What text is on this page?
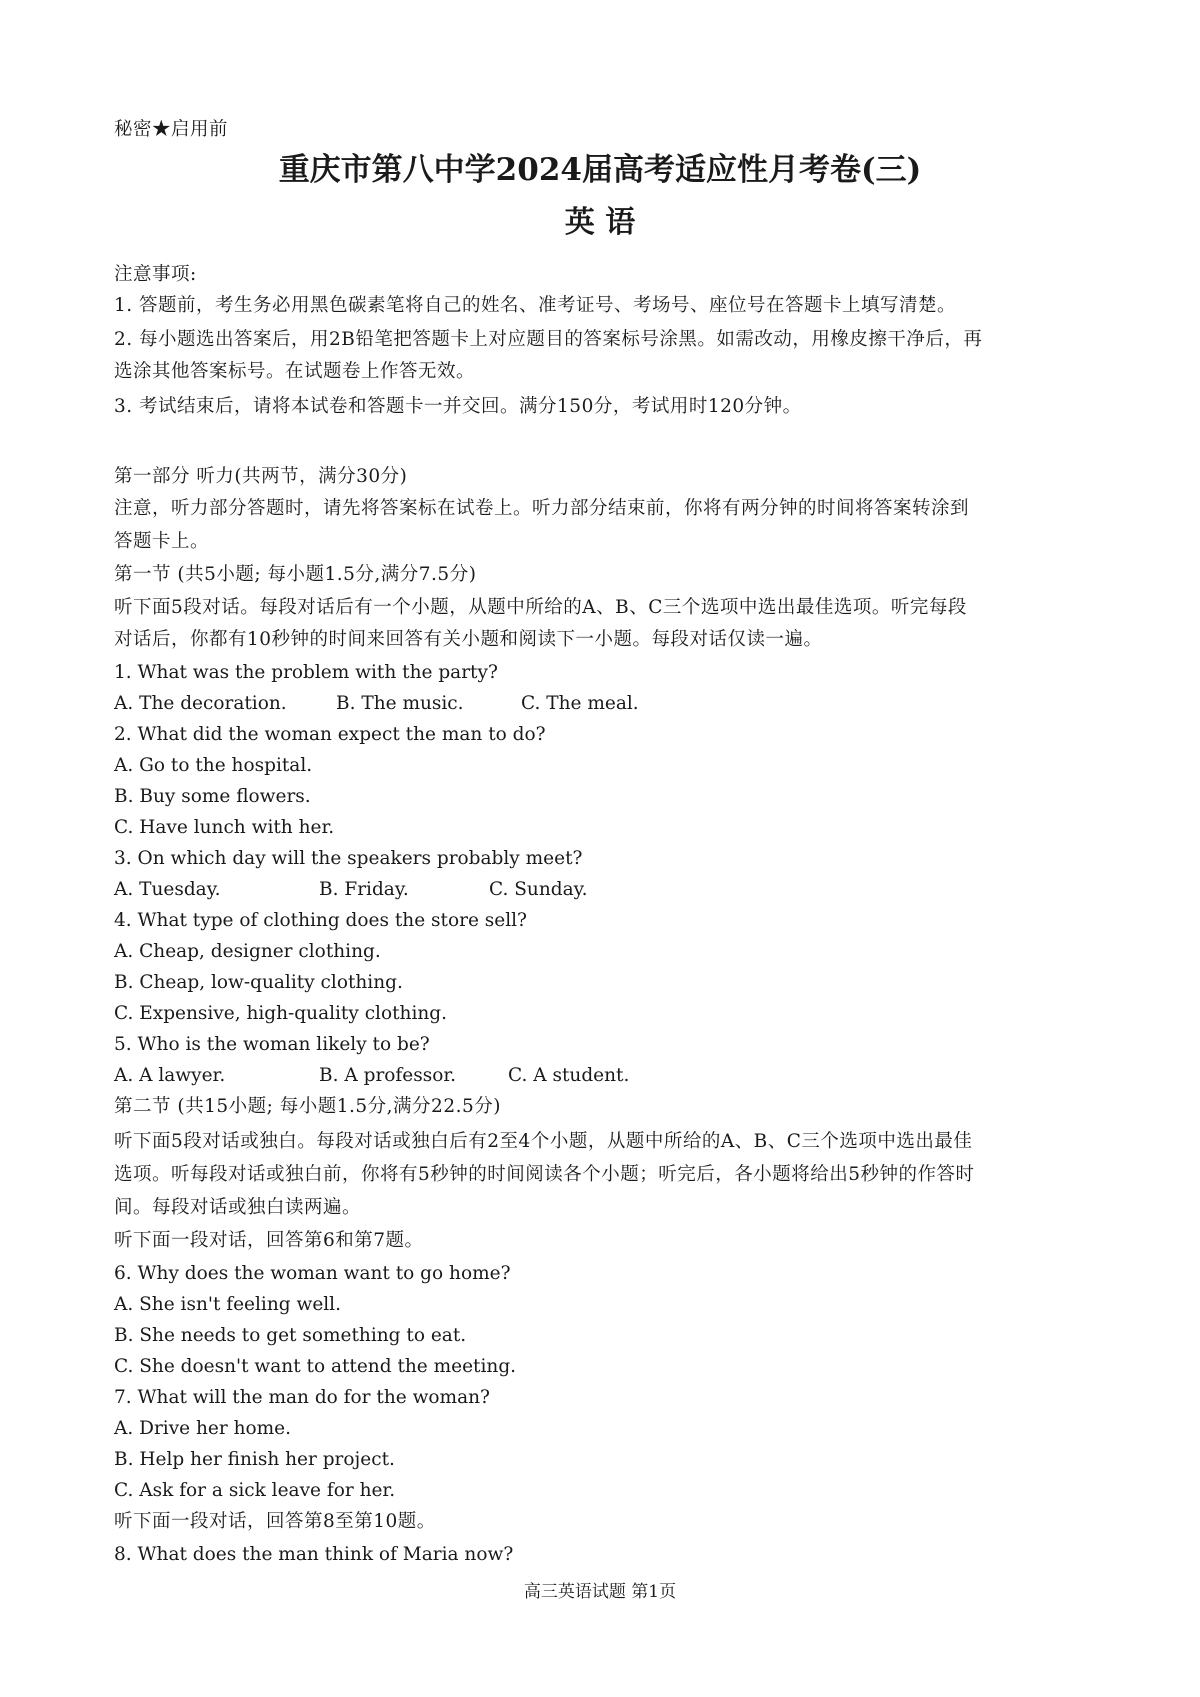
秘密★启用前
重庆市第八中学2024届高考适应性月考卷(三)
英 语
注意事项:
1. 答题前，考生务必用黑色碳素笔将自己的姓名、准考证号、考场号、座位号在答题卡上填写清楚。
2. 每小题选出答案后，用2B铅笔把答题卡上对应题目的答案标号涂黑。如需改动，用橡皮擦干净后，再
选涂其他答案标号。在试题卷上作答无效。
3. 考试结束后，请将本试卷和答题卡一并交回。满分150分，考试用时120分钟。
第一部分 听力(共两节，满分30分)
注意，听力部分答题时，请先将答案标在试卷上。听力部分结束前，你将有两分钟的时间将答案转涂到
答题卡上。
第一节 (共5小题; 每小题1.5分,满分7.5分)
听下面5段对话。每段对话后有一个小题，从题中所给的A、B、C三个选项中选出最佳选项。听完每段
对话后，你都有10秒钟的时间来回答有关小题和阅读下一小题。每段对话仅读一遍。
1. What was the problem with the party?
A. The decoration.	B. The music.	C. The meal.
2. What did the woman expect the man to do?
A. Go to the hospital.
B. Buy some flowers.
C. Have lunch with her.
3. On which day will the speakers probably meet?
A. Tuesday.	B. Friday.	C. Sunday.
4. What type of clothing does the store sell?
A. Cheap, designer clothing.
B. Cheap, low-quality clothing.
C. Expensive, high-quality clothing.
5. Who is the woman likely to be?
A. A lawyer.	B. A professor.	C. A student.
第二节 (共15小题; 每小题1.5分,满分22.5分)
听下面5段对话或独白。每段对话或独白后有2至4个小题，从题中所给的A、B、C三个选项中选出最佳
选项。听每段对话或独白前，你将有5秒钟的时间阅读各个小题；听完后，各小题将给出5秒钟的作答时
间。每段对话或独白读两遍。
听下面一段对话，回答第6和第7题。
6. Why does the woman want to go home?
A. She isn't feeling well.
B. She needs to get something to eat.
C. She doesn't want to attend the meeting.
7. What will the man do for the woman?
A. Drive her home.
B. Help her finish her project.
C. Ask for a sick leave for her.
听下面一段对话，回答第8至第10题。
8. What does the man think of Maria now?
高三英语试题 第1页
